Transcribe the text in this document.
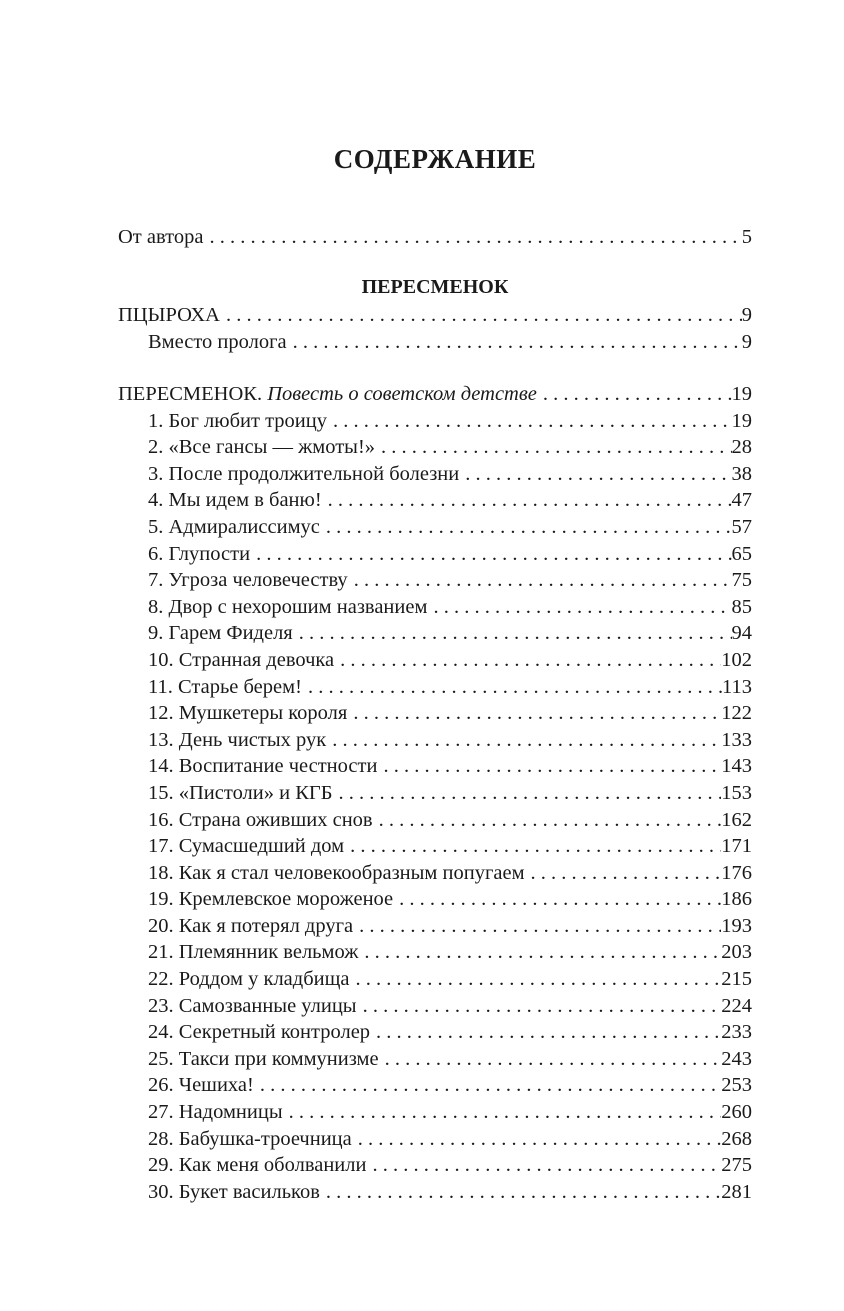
СОДЕРЖАНИЕ
От автора . . .	5
ПЕРЕСМЕНОК
ПЦЫРОХА . . .	9
Вместо пролога . . .	9
ПЕРЕСМЕНОК. Повесть о советском детстве . . .	19
1. Бог любит троицу . . .	19
2. «Все гансы — жмоты!» . . .	28
3. После продолжительной болезни . . .	38
4. Мы идем в баню! . . .	47
5. Адмиралиссимус . . .	57
6. Глупости . . .	65
7. Угроза человечеству . . .	75
8. Двор с нехорошим названием . . .	85
9. Гарем Фиделя . . .	94
10. Странная девочка . . .	102
11. Старье берем! . . .	113
12. Мушкетеры короля . . .	122
13. День чистых рук . . .	133
14. Воспитание честности . . .	143
15. «Пистоли» и КГБ . . .	153
16. Страна оживших снов . . .	162
17. Сумасшедший дом . . .	171
18. Как я стал человекообразным попугаем . . .	176
19. Кремлевское мороженое . . .	186
20. Как я потерял друга . . .	193
21. Племянник вельмож . . .	203
22. Роддом у кладбища . . .	215
23. Самозванные улицы . . .	224
24. Секретный контролер . . .	233
25. Такси при коммунизме . . .	243
26. Чешиха! . . .	253
27. Надомницы . . .	260
28. Бабушка-троечница . . .	268
29. Как меня оболванили . . .	275
30. Букет васильков . . .	281
